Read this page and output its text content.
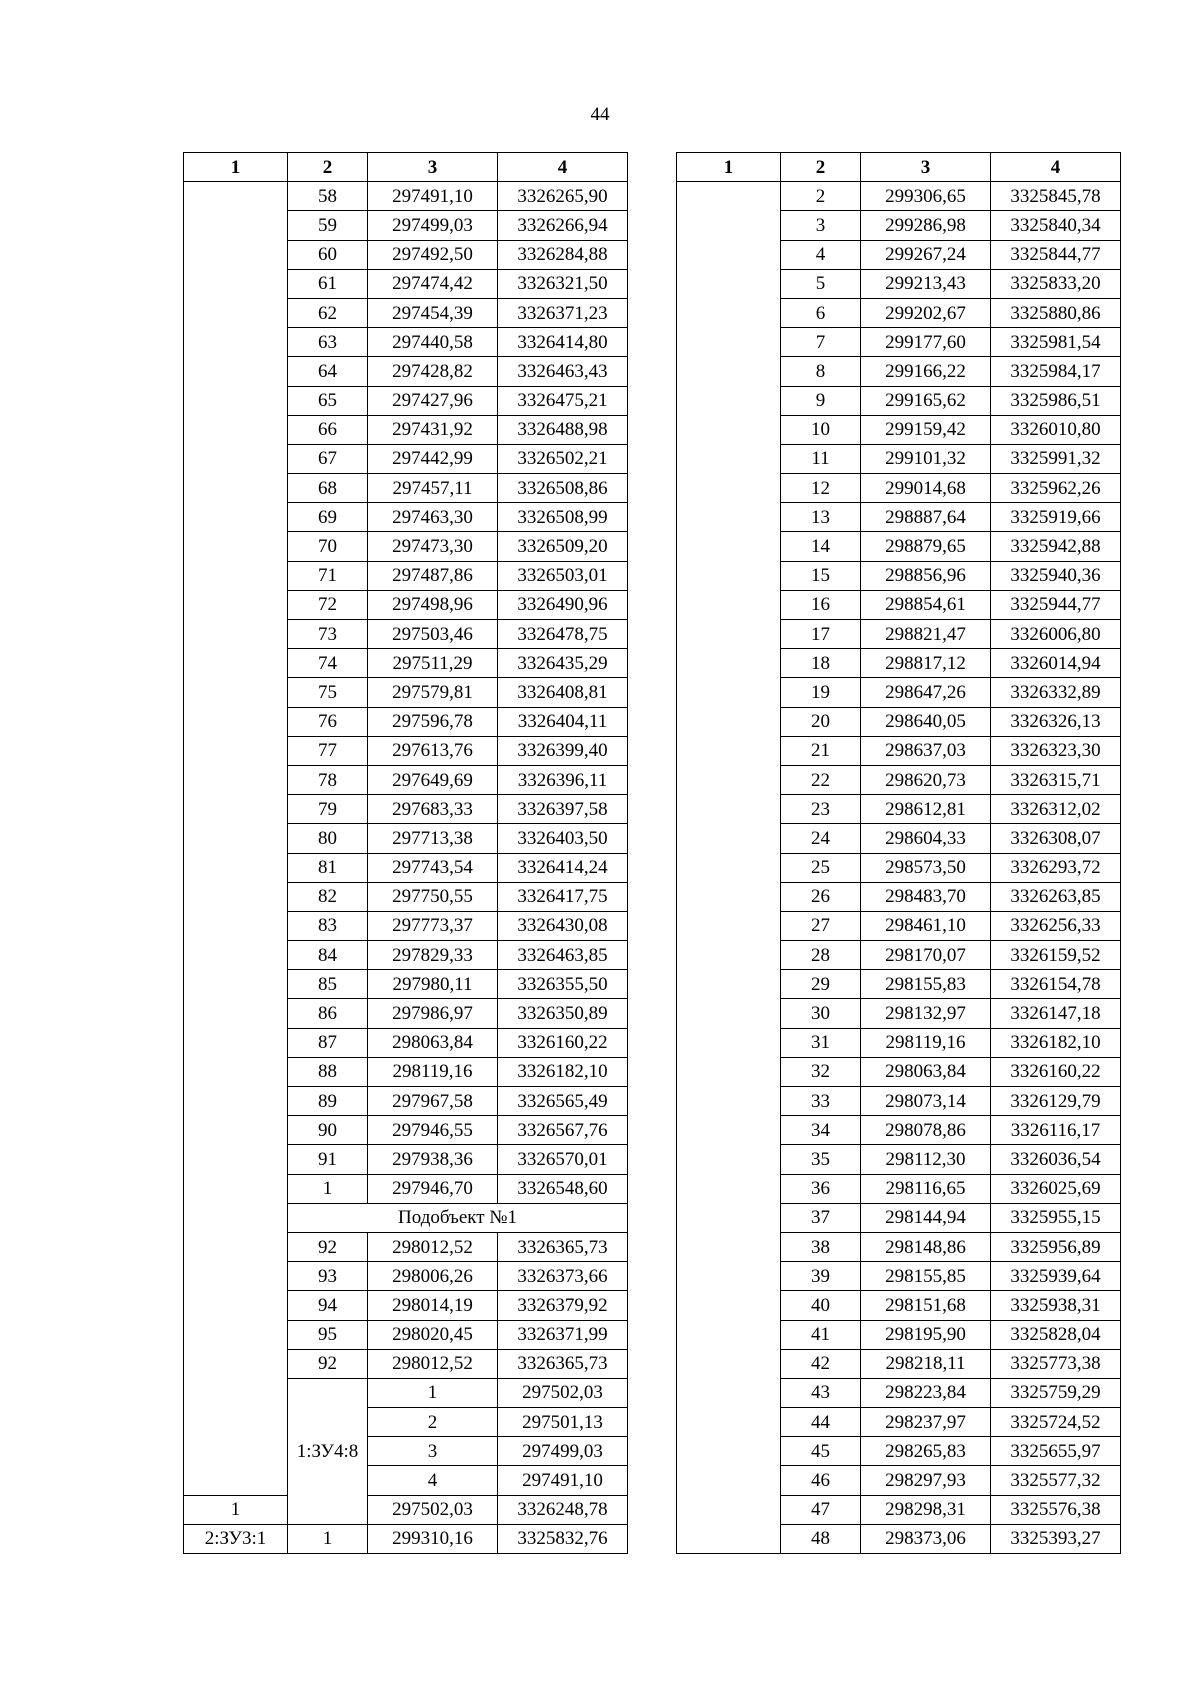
44
1	2	3	4	
	58	297491,10	3326265,90	
	59	297499,03	3326266,94	
	60	297492,50	3326284,88	
	61	297474,42	3326321,50	
	62	297454,39	3326371,23	
	63	297440,58	3326414,80	
	64	297428,82	3326463,43	
	65	297427,96	3326475,21	
	66	297431,92	3326488,98	
	67	297442,99	3326502,21	
	68	297457,11	3326508,86	
	69	297463,30	3326508,99	
	70	297473,30	3326509,20	
	71	297487,86	3326503,01	
	72	297498,96	3326490,96	
	73	297503,46	3326478,75	
	74	297511,29	3326435,29	
	75	297579,81	3326408,81	
	76	297596,78	3326404,11	
	77	297613,76	3326399,40	
	78	297649,69	3326396,11	
	79	297683,33	3326397,58	
	80	297713,38	3326403,50	
	81	297743,54	3326414,24	
	82	297750,55	3326417,75	
	83	297773,37	3326430,08	
	84	297829,33	3326463,85	
	85	297980,11	3326355,50	
	86	297986,97	3326350,89	
	87	298063,84	3326160,22	
	88	298119,16	3326182,10	
	89	297967,58	3326565,49	
	90	297946,55	3326567,76	
	91	297938,36	3326570,01	
	1	297946,70	3326548,60	
	Подобъект №1			
	92	298012,52	3326365,73	
	93	298006,26	3326373,66	
	94	298014,19	3326379,92	
	95	298020,45	3326371,99	
	92	298012,52	3326365,73	
	1:ЗУ4:8	1	297502,03	
		2	297501,13	
		3	297499,03	
		4	297491,10	
1		297502,03	3326248,78	
2:ЗУ3:1	1	299310,16	3325832,76	
1	2	3	4
	2	299306,65	3325845,78
	3	299286,98	3325840,34
	4	299267,24	3325844,77
	5	299213,43	3325833,20
	6	299202,67	3325880,86
	7	299177,60	3325981,54
	8	299166,22	3325984,17
	9	299165,62	3325986,51
	10	299159,42	3326010,80
	11	299101,32	3325991,32
	12	299014,68	3325962,26
	13	298887,64	3325919,66
	14	298879,65	3325942,88
	15	298856,96	3325940,36
	16	298854,61	3325944,77
	17	298821,47	3326006,80
	18	298817,12	3326014,94
	19	298647,26	3326332,89
	20	298640,05	3326326,13
	21	298637,03	3326323,30
	22	298620,73	3326315,71
	23	298612,81	3326312,02
	24	298604,33	3326308,07
	25	298573,50	3326293,72
	26	298483,70	3326263,85
	27	298461,10	3326256,33
	28	298170,07	3326159,52
	29	298155,83	3326154,78
	30	298132,97	3326147,18
	31	298119,16	3326182,10
	32	298063,84	3326160,22
	33	298073,14	3326129,79
	34	298078,86	3326116,17
	35	298112,30	3326036,54
	36	298116,65	3326025,69
	37	298144,94	3325955,15
	38	298148,86	3325956,89
	39	298155,85	3325939,64
	40	298151,68	3325938,31
	41	298195,90	3325828,04
	42	298218,11	3325773,38
	43	298223,84	3325759,29
	44	298237,97	3325724,52
	45	298265,83	3325655,97
	46	298297,93	3325577,32
	47	298298,31	3325576,38
	48	298373,06	3325393,27
